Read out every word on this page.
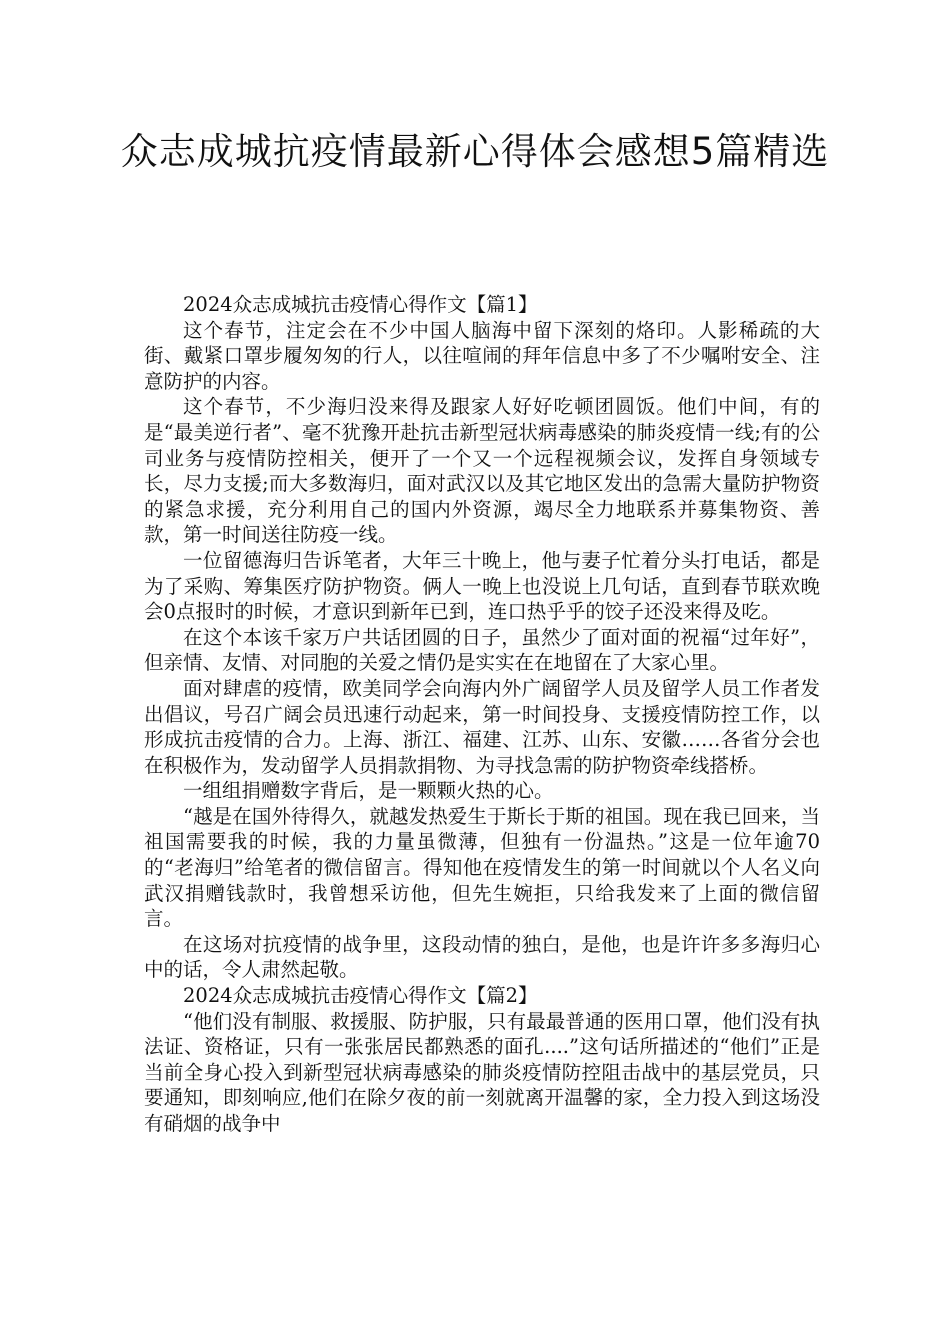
众志成城抗疫情最新心得体会感想5篇精选

2024众志成城抗击疫情心得作文【篇1】

这个春节，注定会在不少中国人脑海中留下深刻的烙印。人影稀疏的大街、戴紧口罩步履匆匆的行人，以往喧闹的拜年信息中多了不少嘱咐安全、注意防护的内容。

这个春节，不少海归没来得及跟家人好好吃顿团圆饭。他们中间，有的是“最美逆行者”、毫不犹豫开赴抗击新型冠状病毒感染的肺炎疫情一线;有的公司业务与疫情防控相关，便开了一个又一个远程视频会议，发挥自身领域专长，尽力支援;而大多数海归，面对武汉以及其它地区发出的急需大量防护物资的紧急求援，充分利用自己的国内外资源，竭尽全力地联系并募集物资、善款，第一时间送往防疫一线。

一位留德海归告诉笔者，大年三十晚上，他与妻子忙着分头打电话，都是为了采购、筹集医疗防护物资。俩人一晚上也没说上几句话，直到春节联欢晚会0点报时的时候，才意识到新年已到，连口热乎乎的饺子还没来得及吃。

在这个本该千家万户共话团圆的日子，虽然少了面对面的祝福“过年好”，但亲情、友情、对同胞的关爱之情仍是实实在在地留在了大家心里。

面对肆虐的疫情，欧美同学会向海内外广阔留学人员及留学人员工作者发出倡议，号召广阔会员迅速行动起来，第一时间投身、支援疫情防控工作，以形成抗击疫情的合力。上海、浙江、福建、江苏、山东、安徽……各省分会也在积极作为，发动留学人员捐款捐物、为寻找急需的防护物资牵线搭桥。

一组组捐赠数字背后，是一颗颗火热的心。

“越是在国外待得久，就越发热爱生于斯长于斯的祖国。现在我已回来，当祖国需要我的时候，我的力量虽微薄，但独有一份温热。”这是一位年逾70的“老海归”给笔者的微信留言。得知他在疫情发生的第一时间就以个人名义向武汉捐赠钱款时，我曾想采访他，但先生婉拒，只给我发来了上面的微信留言。

在这场对抗疫情的战争里，这段动情的独白，是他，也是许许多多海归心中的话，令人肃然起敬。

2024众志成城抗击疫情心得作文【篇2】

“他们没有制服、救援服、防护服，只有最最普通的医用口罩，他们没有执法证、资格证，只有一张张居民都熟悉的面孔....”这句话所描述的“他们”正是当前全身心投入到新型冠状病毒感染的肺炎疫情防控阻击战中的基层党员，只要通知，即刻响应,他们在除夕夜的前一刻就离开温馨的家，全力投入到这场没有硝烟的战争中
